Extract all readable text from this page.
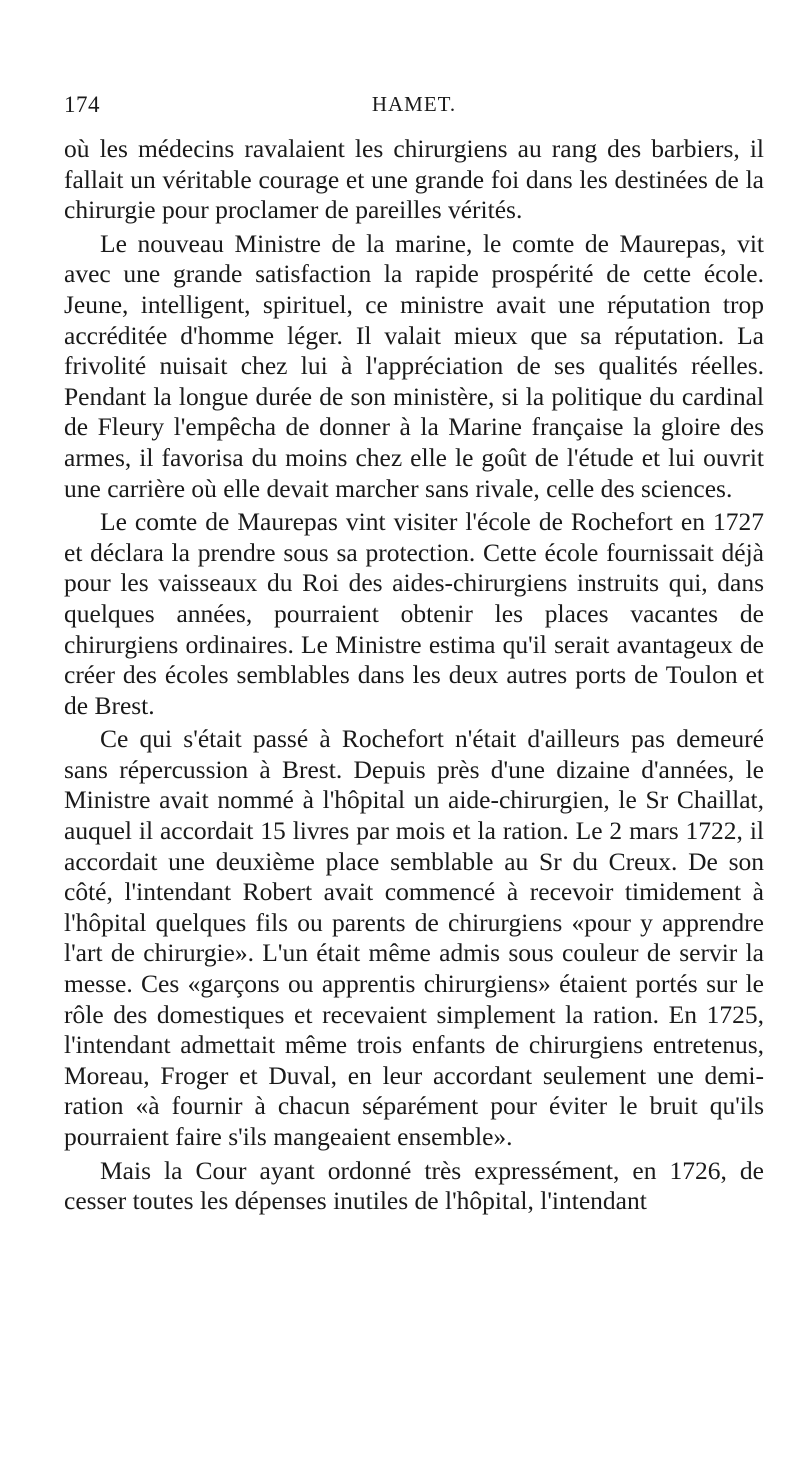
174	HAMET.

où les médecins ravalaient les chirurgiens au rang des barbiers, il fallait un véritable courage et une grande foi dans les destinées de la chirurgie pour proclamer de pareilles vérités.

Le nouveau Ministre de la marine, le comte de Maurepas, vit avec une grande satisfaction la rapide prospérité de cette école. Jeune, intelligent, spirituel, ce ministre avait une réputation trop accréditée d'homme léger. Il valait mieux que sa réputation. La frivolité nuisait chez lui à l'appréciation de ses qualités réelles. Pendant la longue durée de son ministère, si la politique du cardinal de Fleury l'empêcha de donner à la Marine française la gloire des armes, il favorisa du moins chez elle le goût de l'étude et lui ouvrit une carrière où elle devait marcher sans rivale, celle des sciences.

Le comte de Maurepas vint visiter l'école de Rochefort en 1727 et déclara la prendre sous sa protection. Cette école fournissait déjà pour les vaisseaux du Roi des aides-chirurgiens instruits qui, dans quelques années, pourraient obtenir les places vacantes de chirurgiens ordinaires. Le Ministre estima qu'il serait avantageux de créer des écoles semblables dans les deux autres ports de Toulon et de Brest.

Ce qui s'était passé à Rochefort n'était d'ailleurs pas demeuré sans répercussion à Brest. Depuis près d'une dizaine d'années, le Ministre avait nommé à l'hôpital un aide-chirurgien, le Sr Chaillat, auquel il accordait 15 livres par mois et la ration. Le 2 mars 1722, il accordait une deuxième place semblable au Sr du Creux. De son côté, l'intendant Robert avait commencé à recevoir timidement à l'hôpital quelques fils ou parents de chirurgiens «pour y apprendre l'art de chirurgie». L'un était même admis sous couleur de servir la messe. Ces «garçons ou apprentis chirurgiens» étaient portés sur le rôle des domestiques et recevaient simplement la ration. En 1725, l'intendant admettait même trois enfants de chirurgiens entretenus, Moreau, Froger et Duval, en leur accordant seulement une demi-ration «à fournir à chacun séparément pour éviter le bruit qu'ils pourraient faire s'ils mangeaient ensemble».

Mais la Cour ayant ordonné très expressément, en 1726, de cesser toutes les dépenses inutiles de l'hôpital, l'intendant
